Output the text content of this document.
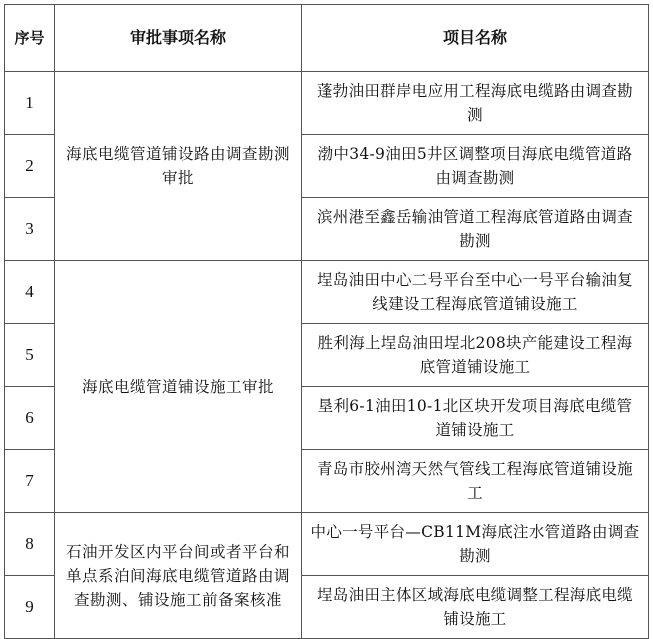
序号	审批事项名称	项目名称
1	海底电缆管道铺设路由调查勘测审批	蓬勃油田群岸电应用工程海底电缆路由调查勘测
2		渤中34-9油田5井区调整项目海底电缆管道路由调查勘测
3		滨州港至鑫岳输油管道工程海底管道路由调查勘测
4	海底电缆管道铺设施工审批	埕岛油田中心二号平台至中心一号平台输油复线建设工程海底管道铺设施工
5		胜利海上埕岛油田埕北208块产能建设工程海底管道铺设施工
6		垦利6-1油田10-1北区块开发项目海底电缆管道铺设施工
7		青岛市胶州湾天然气管线工程海底管道铺设施工
8	石油开发区内平台间或者平台和单点系泊间海底电缆管道路由调查勘测、铺设施工前备案核准	中心一号平台—CB11M海底注水管道路由调查勘测
9		埕岛油田主体区域海底电缆调整工程海底电缆铺设施工
